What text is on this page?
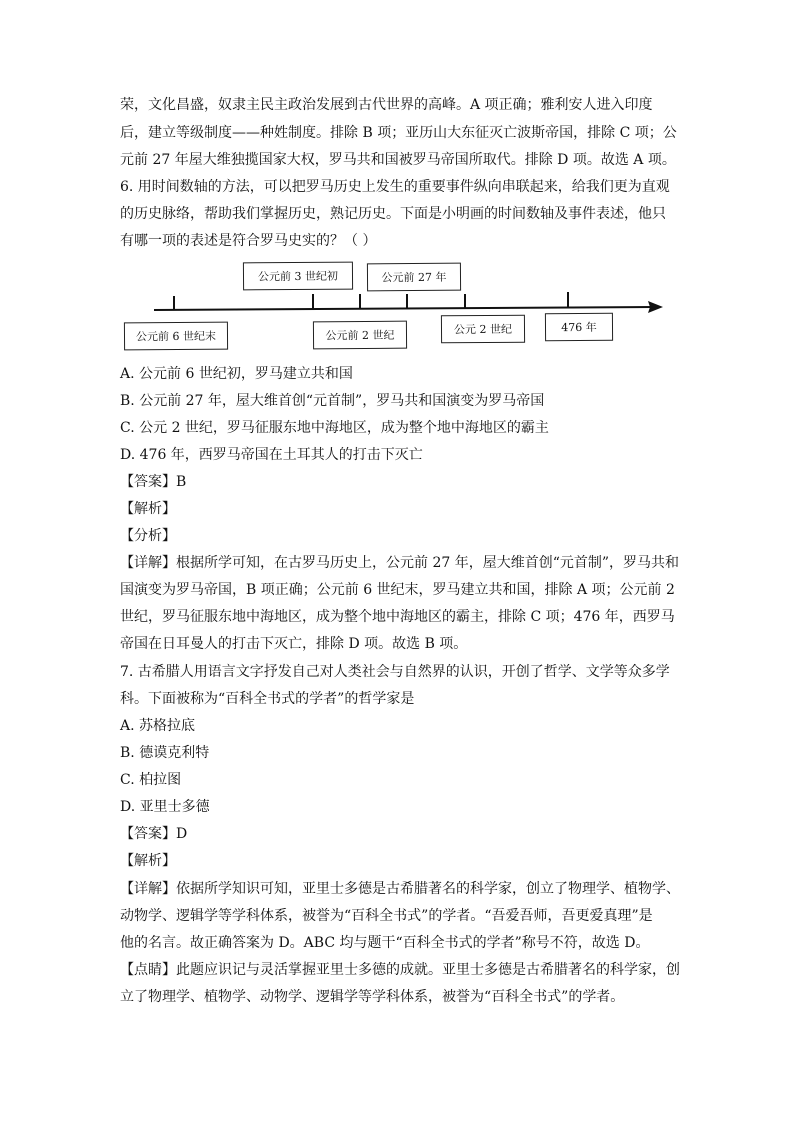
荣，文化昌盛，奴隶主民主政治发展到古代世界的高峰。A 项正确；雅利安人进入印度
后，建立等级制度——种姓制度。排除 B 项；亚历山大东征灭亡波斯帝国，排除 C 项；公
元前 27 年屋大维独揽国家大权，罗马共和国被罗马帝国所取代。排除 D 项。故选 A 项。
6. 用时间数轴的方法，可以把罗马历史上发生的重要事件纵向串联起来，给我们更为直观
的历史脉络，帮助我们掌握历史，熟记历史。下面是小明画的时间数轴及事件表述，他只
有哪一项的表述是符合罗马史实的？（ ）
公元前 3 世纪初	公元前 27 年
公元前 6 世纪末	公元前 2 世纪	公元 2 世纪	476 年
A. 公元前 6 世纪初，罗马建立共和国
B. 公元前 27 年，屋大维首创“元首制”，罗马共和国演变为罗马帝国
C. 公元 2 世纪，罗马征服东地中海地区，成为整个地中海地区的霸主
D. 476 年，西罗马帝国在土耳其人的打击下灭亡
【答案】B
【解析】
【分析】
【详解】根据所学可知，在古罗马历史上，公元前 27 年，屋大维首创“元首制”，罗马共和
国演变为罗马帝国，B 项正确；公元前 6 世纪末，罗马建立共和国，排除 A 项；公元前 2
世纪，罗马征服东地中海地区，成为整个地中海地区的霸主，排除 C 项；476 年，西罗马
帝国在日耳曼人的打击下灭亡，排除 D 项。故选 B 项。
7. 古希腊人用语言文字抒发自己对人类社会与自然界的认识，开创了哲学、文学等众多学
科。下面被称为“百科全书式的学者”的哲学家是
A. 苏格拉底
B. 德谟克利特
C. 柏拉图
D. 亚里士多德
【答案】D
【解析】
【详解】依据所学知识可知，亚里士多德是古希腊著名的科学家，创立了物理学、植物学、
动物学、逻辑学等学科体系，被誉为“百科全书式”的学者。“吾爱吾师，吾更爱真理”是
他的名言。故正确答案为 D。ABC 均与题干“百科全书式的学者”称号不符，故选 D。
【点睛】此题应识记与灵活掌握亚里士多德的成就。亚里士多德是古希腊著名的科学家，创
立了物理学、植物学、动物学、逻辑学等学科体系，被誉为“百科全书式”的学者。
